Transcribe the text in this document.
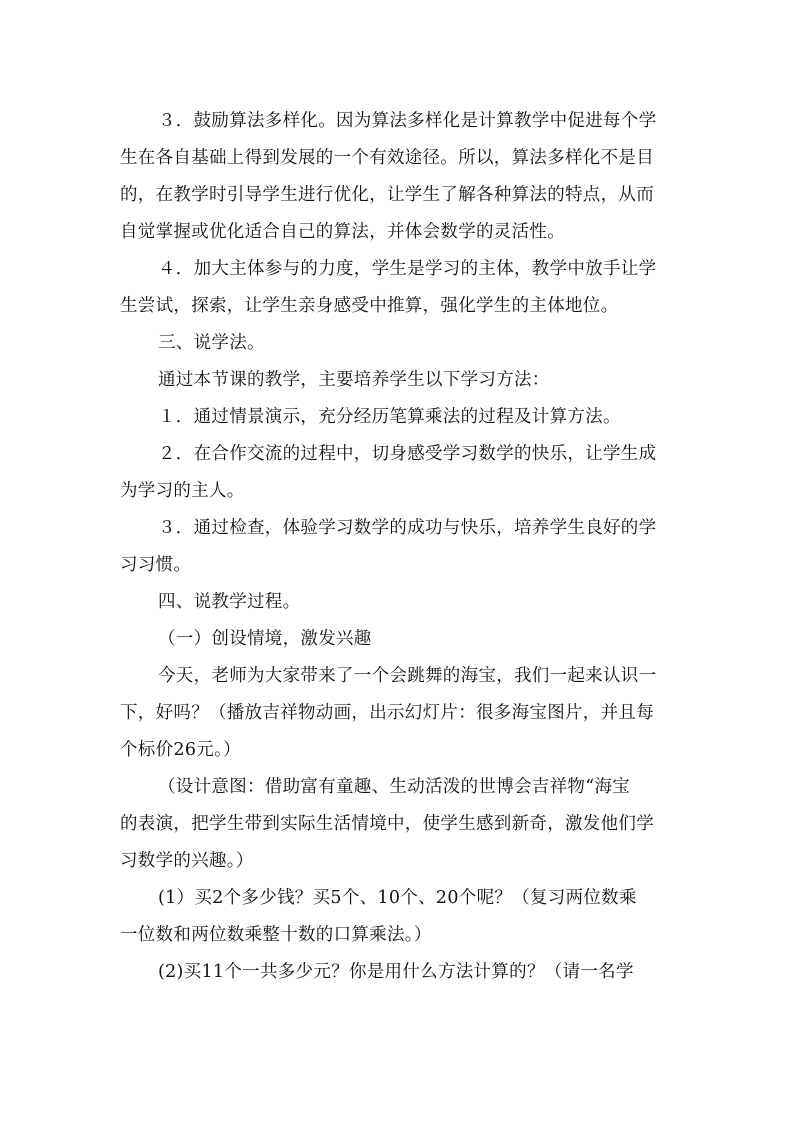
３．鼓励算法多样化。因为算法多样化是计算教学中促进每个学
生在各自基础上得到发展的一个有效途径。所以，算法多样化不是目
的，在教学时引导学生进行优化，让学生了解各种算法的特点，从而
自觉掌握或优化适合自己的算法，并体会数学的灵活性。
４．加大主体参与的力度，学生是学习的主体，教学中放手让学
生尝试，探索，让学生亲身感受中推算，强化学生的主体地位。
三、说学法。
通过本节课的教学，主要培养学生以下学习方法：
１．通过情景演示，充分经历笔算乘法的过程及计算方法。
２．在合作交流的过程中，切身感受学习数学的快乐，让学生成
为学习的主人。
３．通过检查，体验学习数学的成功与快乐，培养学生良好的学
习习惯。
四、说教学过程。
（一）创设情境，激发兴趣
今天，老师为大家带来了一个会跳舞的海宝，我们一起来认识一
下，好吗？（播放吉祥物动画，出示幻灯片：很多海宝图片，并且每
个标价26元。）
（设计意图：借助富有童趣、生动活泼的世博会吉祥物“海宝
的表演，把学生带到实际生活情境中，使学生感到新奇，激发他们学
习数学的兴趣。）
(1）买2个多少钱？买5个、10个、20个呢？（复习两位数乘
一位数和两位数乘整十数的口算乘法。）
(2)买11个一共多少元？你是用什么方法计算的？（请一名学
